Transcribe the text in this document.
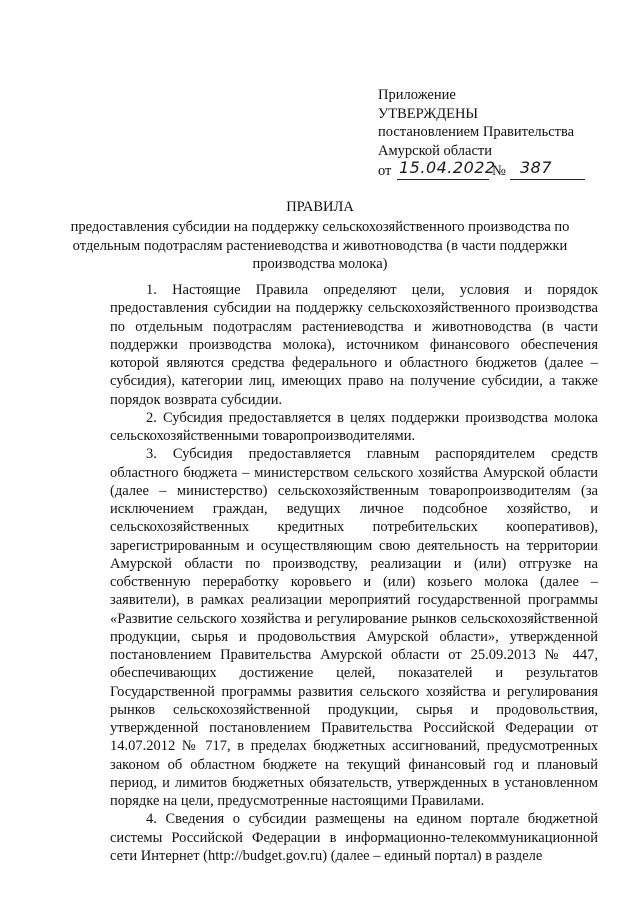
Приложение
УТВЕРЖДЕНЫ
постановлением Правительства
Амурской области
от 15.04.2022
№ 387
ПРАВИЛА
предоставления субсидии на поддержку сельскохозяйственного производства по отдельным подотраслям растениеводства и животноводства (в части поддержки производства молока)

1. Настоящие Правила определяют цели, условия и порядок предоставления субсидии на поддержку сельскохозяйственного производства по отдельным подотраслям растениеводства и животноводства (в части поддержки производства молока), источником финансового обеспечения которой являются средства федерального и областного бюджетов (далее – субсидия), категории лиц, имеющих право на получение субсидии, а также порядок возврата субсидии.

2. Субсидия предоставляется в целях поддержки производства молока сельскохозяйственными товаропроизводителями.

3. Субсидия предоставляется главным распорядителем средств областного бюджета – министерством сельского хозяйства Амурской области (далее – министерство) сельскохозяйственным товаропроизводителям (за исключением граждан, ведущих личное подсобное хозяйство, и сельскохозяйственных кредитных потребительских кооперативов), зарегистрированным и осуществляющим свою деятельность на территории Амурской области по производству, реализации и (или) отгрузке на собственную переработку коровьего и (или) козьего молока (далее – заявители), в рамках реализации мероприятий государственной программы «Развитие сельского хозяйства и регулирование рынков сельскохозяйственной продукции, сырья и продовольствия Амурской области», утвержденной постановлением Правительства Амурской области от 25.09.2013 № 447, обеспечивающих достижение целей, показателей и результатов Государственной программы развития сельского хозяйства и регулирования рынков сельскохозяйственной продукции, сырья и продовольствия, утвержденной постановлением Правительства Российской Федерации от 14.07.2012 № 717, в пределах бюджетных ассигнований, предусмотренных законом об областном бюджете на текущий финансовый год и плановый период, и лимитов бюджетных обязательств, утвержденных в установленном порядке на цели, предусмотренные настоящими Правилами.

4. Сведения о субсидии размещены на едином портале бюджетной системы Российской Федерации в информационно-телекоммуникационной сети Интернет (http://budget.gov.ru) (далее – единый портал) в разделе
